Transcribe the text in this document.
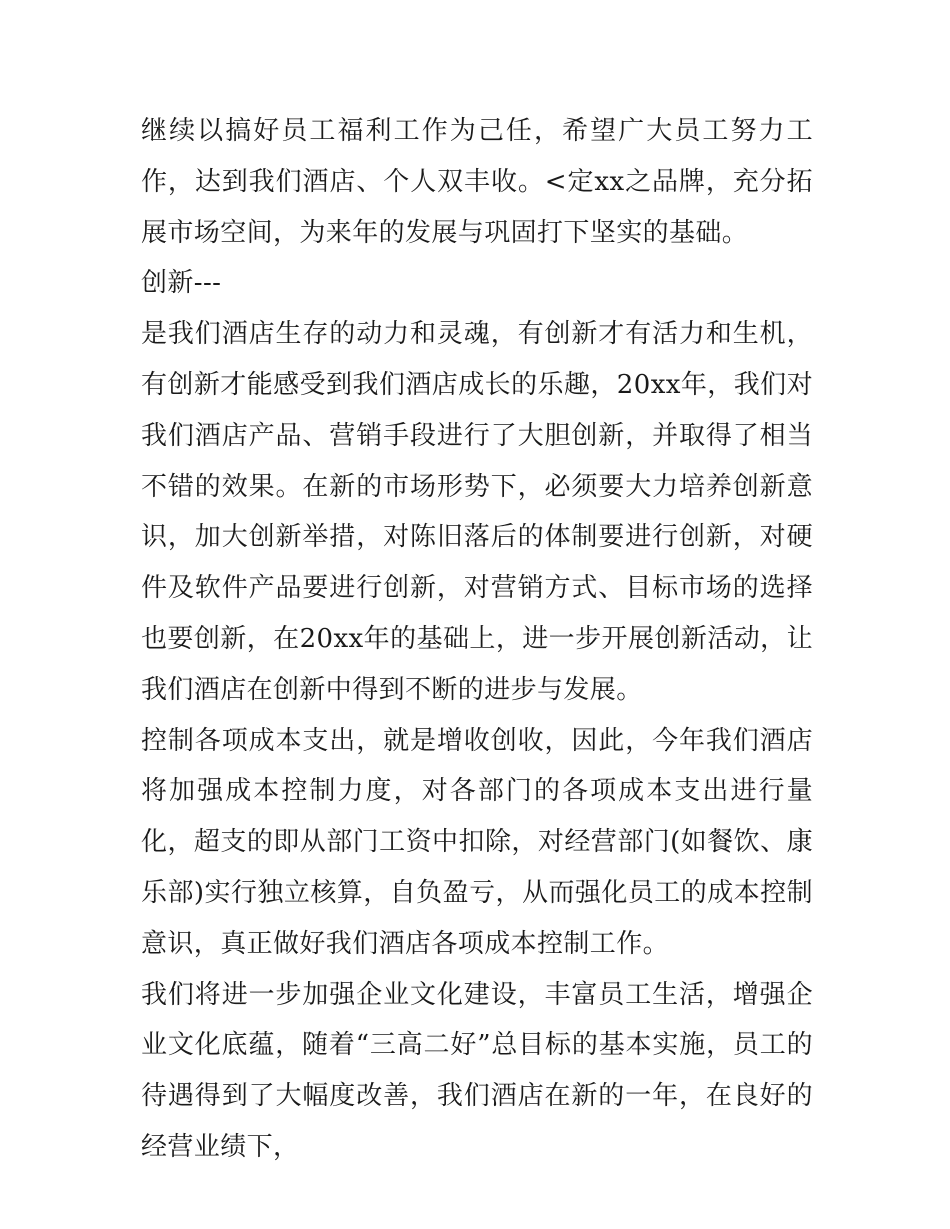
继续以搞好员工福利工作为己任，希望广大员工努力工作，达到我们酒店、个人双丰收。<定xx之品牌，充分拓展市场空间，为来年的发展与巩固打下坚实的基础。

创新---

是我们酒店生存的动力和灵魂，有创新才有活力和生机，有创新才能感受到我们酒店成长的乐趣，20xx年，我们对我们酒店产品、营销手段进行了大胆创新，并取得了相当不错的效果。在新的市场形势下，必须要大力培养创新意识，加大创新举措，对陈旧落后的体制要进行创新，对硬件及软件产品要进行创新，对营销方式、目标市场的选择也要创新，在20xx年的基础上，进一步开展创新活动，让我们酒店在创新中得到不断的进步与发展。

控制各项成本支出，就是增收创收，因此，今年我们酒店将加强成本控制力度，对各部门的各项成本支出进行量化，超支的即从部门工资中扣除，对经营部门(如餐饮、康乐部)实行独立核算，自负盈亏，从而强化员工的成本控制意识，真正做好我们酒店各项成本控制工作。

我们将进一步加强企业文化建设，丰富员工生活，增强企业文化底蕴，随着“三高二好”总目标的基本实施，员工的待遇得到了大幅度改善，我们酒店在新的一年，在良好的经营业绩下，
